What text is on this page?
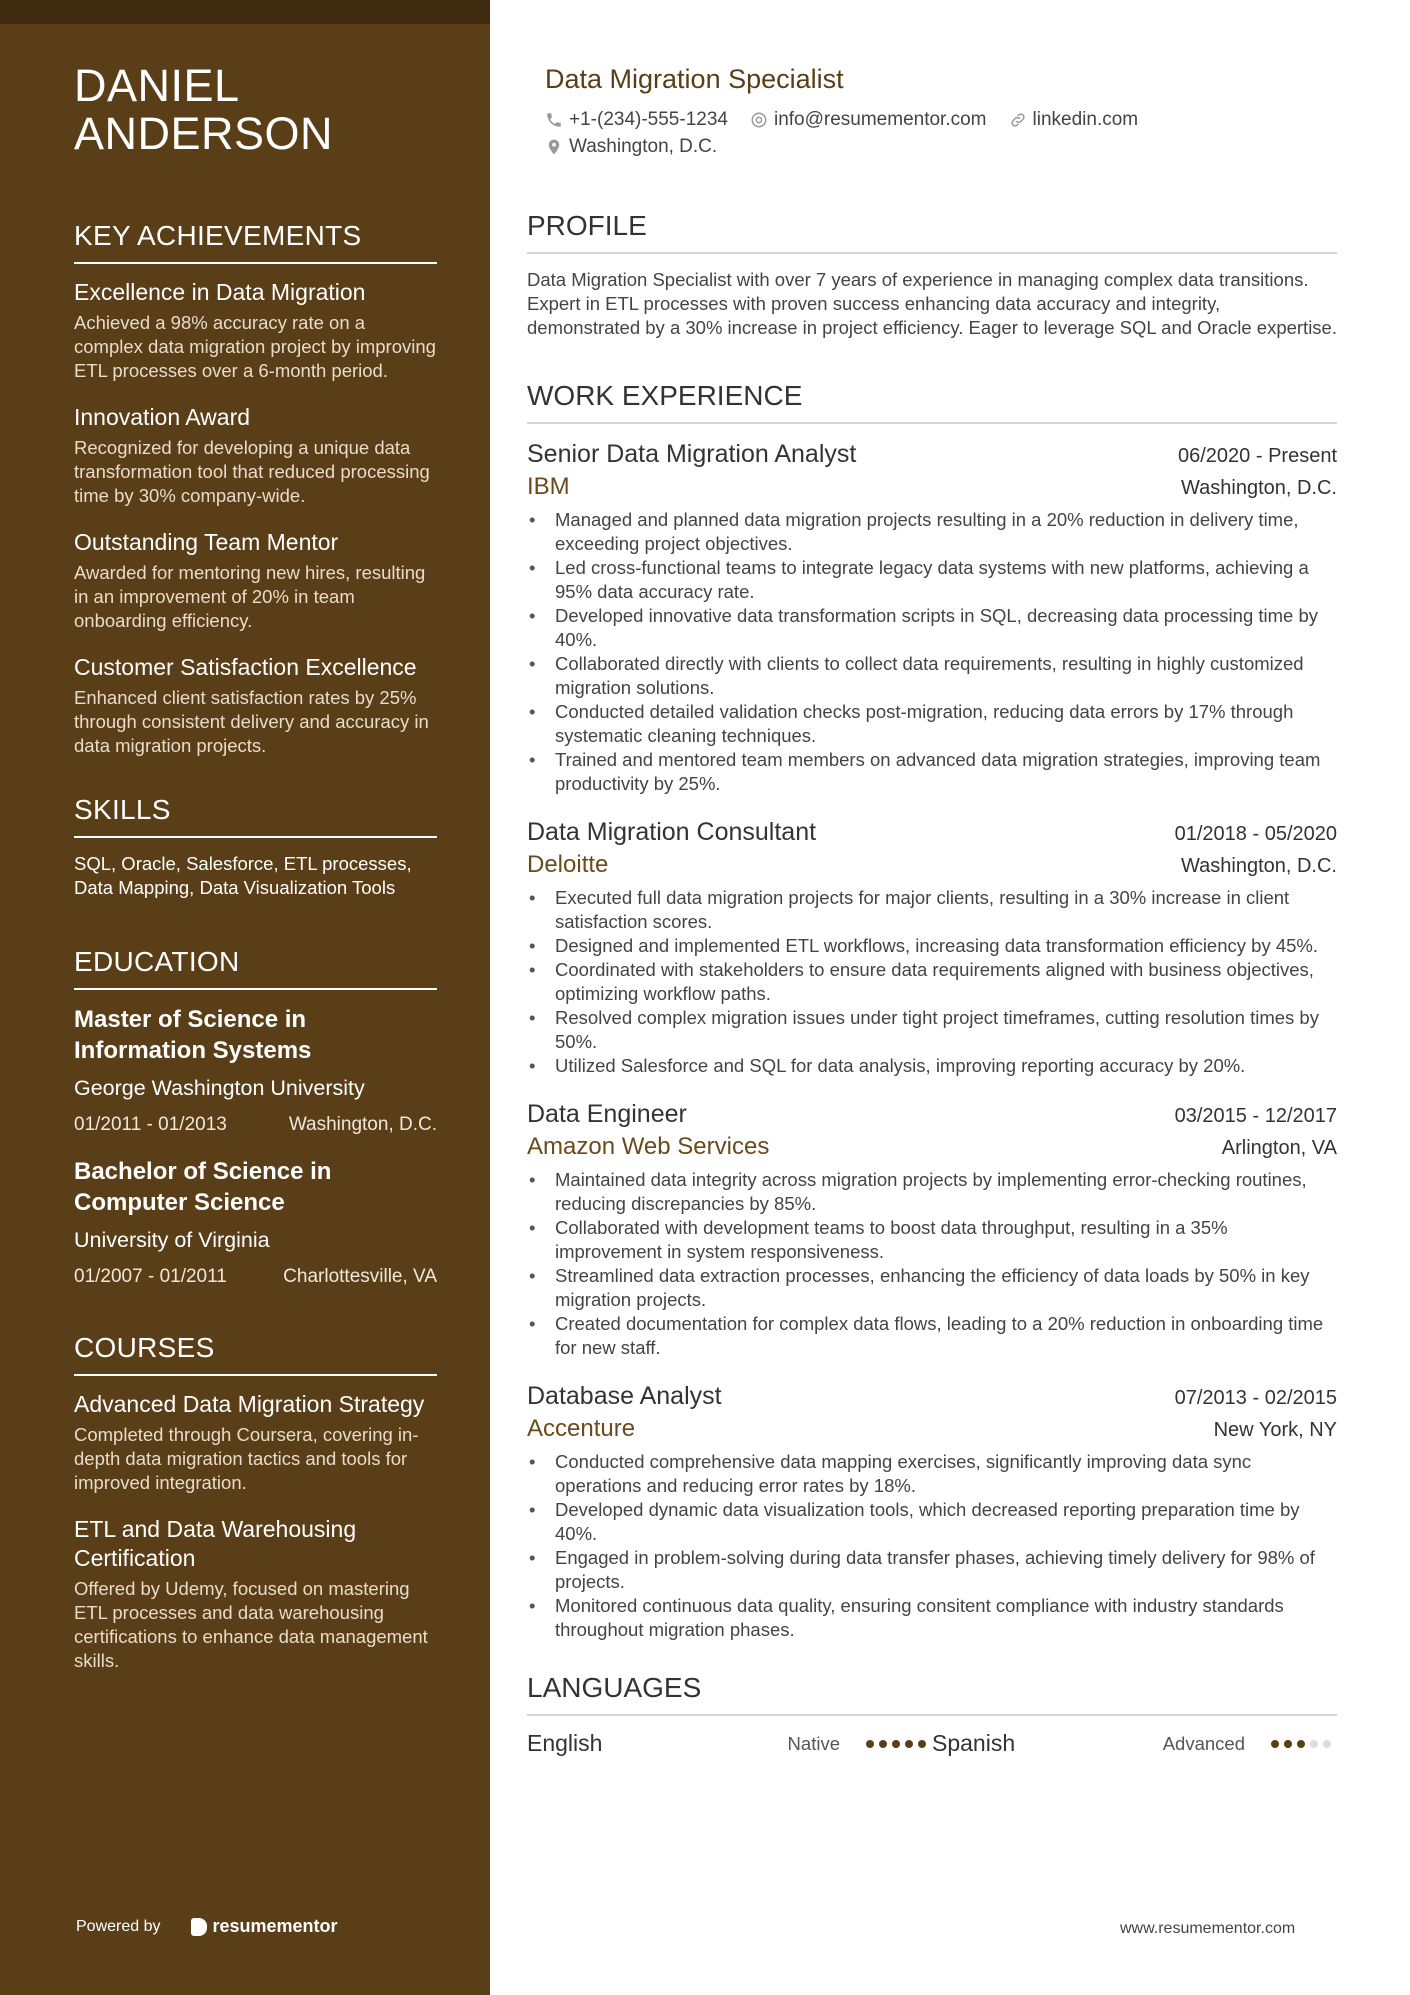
DANIEL
ANDERSON
KEY ACHIEVEMENTS
Excellence in Data Migration
Achieved a 98% accuracy rate on a complex data migration project by improving ETL processes over a 6-month period.
Innovation Award
Recognized for developing a unique data transformation tool that reduced processing time by 30% company-wide.
Outstanding Team Mentor
Awarded for mentoring new hires, resulting in an improvement of 20% in team onboarding efficiency.
Customer Satisfaction Excellence
Enhanced client satisfaction rates by 25% through consistent delivery and accuracy in data migration projects.
SKILLS
SQL, Oracle, Salesforce, ETL processes, Data Mapping, Data Visualization Tools
EDUCATION
Master of Science in Information Systems
George Washington University
01/2011 - 01/2013	Washington, D.C.
Bachelor of Science in Computer Science
University of Virginia
01/2007 - 01/2011	Charlottesville, VA
COURSES
Advanced Data Migration Strategy
Completed through Coursera, covering in-depth data migration tactics and tools for improved integration.
ETL and Data Warehousing Certification
Offered by Udemy, focused on mastering ETL processes and data warehousing certifications to enhance data management skills.
Powered by	resumementor
Data Migration Specialist
+1-(234)-555-1234 info@resumementor.com linkedin.com
Washington, D.C.
PROFILE
Data Migration Specialist with over 7 years of experience in managing complex data transitions. Expert in ETL processes with proven success enhancing data accuracy and integrity, demonstrated by a 30% increase in project efficiency. Eager to leverage SQL and Oracle expertise.
WORK EXPERIENCE
Senior Data Migration Analyst	06/2020 - Present
IBM	Washington, D.C.
• Managed and planned data migration projects resulting in a 20% reduction in delivery time, exceeding project objectives.
• Led cross-functional teams to integrate legacy data systems with new platforms, achieving a 95% data accuracy rate.
• Developed innovative data transformation scripts in SQL, decreasing data processing time by 40%.
• Collaborated directly with clients to collect data requirements, resulting in highly customized migration solutions.
• Conducted detailed validation checks post-migration, reducing data errors by 17% through systematic cleaning techniques.
• Trained and mentored team members on advanced data migration strategies, improving team productivity by 25%.
Data Migration Consultant	01/2018 - 05/2020
Deloitte	Washington, D.C.
• Executed full data migration projects for major clients, resulting in a 30% increase in client satisfaction scores.
• Designed and implemented ETL workflows, increasing data transformation efficiency by 45%.
• Coordinated with stakeholders to ensure data requirements aligned with business objectives, optimizing workflow paths.
• Resolved complex migration issues under tight project timeframes, cutting resolution times by 50%.
• Utilized Salesforce and SQL for data analysis, improving reporting accuracy by 20%.
Data Engineer	03/2015 - 12/2017
Amazon Web Services	Arlington, VA
• Maintained data integrity across migration projects by implementing error-checking routines, reducing discrepancies by 85%.
• Collaborated with development teams to boost data throughput, resulting in a 35% improvement in system responsiveness.
• Streamlined data extraction processes, enhancing the efficiency of data loads by 50% in key migration projects.
• Created documentation for complex data flows, leading to a 20% reduction in onboarding time for new staff.
Database Analyst	07/2013 - 02/2015
Accenture	New York, NY
• Conducted comprehensive data mapping exercises, significantly improving data sync operations and reducing error rates by 18%.
• Developed dynamic data visualization tools, which decreased reporting preparation time by 40%.
• Engaged in problem-solving during data transfer phases, achieving timely delivery for 98% of projects.
• Monitored continuous data quality, ensuring consitent compliance with industry standards throughout migration phases.
LANGUAGES
English	Native	Spanish	Advanced
www.resumementor.com
